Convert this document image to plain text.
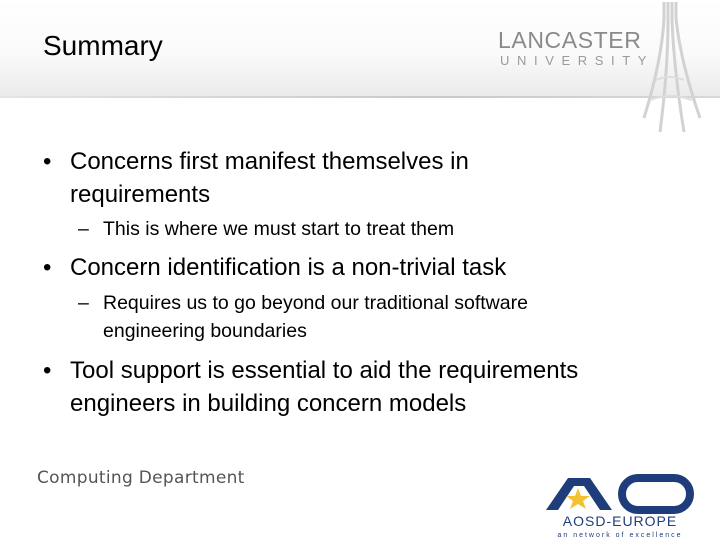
Summary	LANCASTER
UNIVERSITY
• Concerns first manifest themselves in
requirements
– This is where we must start to treat them
• Concern identification is a non-trivial task
– Requires us to go beyond our traditional software
engineering boundaries
• Tool support is essential to aid the requirements
engineers in building concern models
Computing Department
AOSD-EUROPE
an network of excellence
